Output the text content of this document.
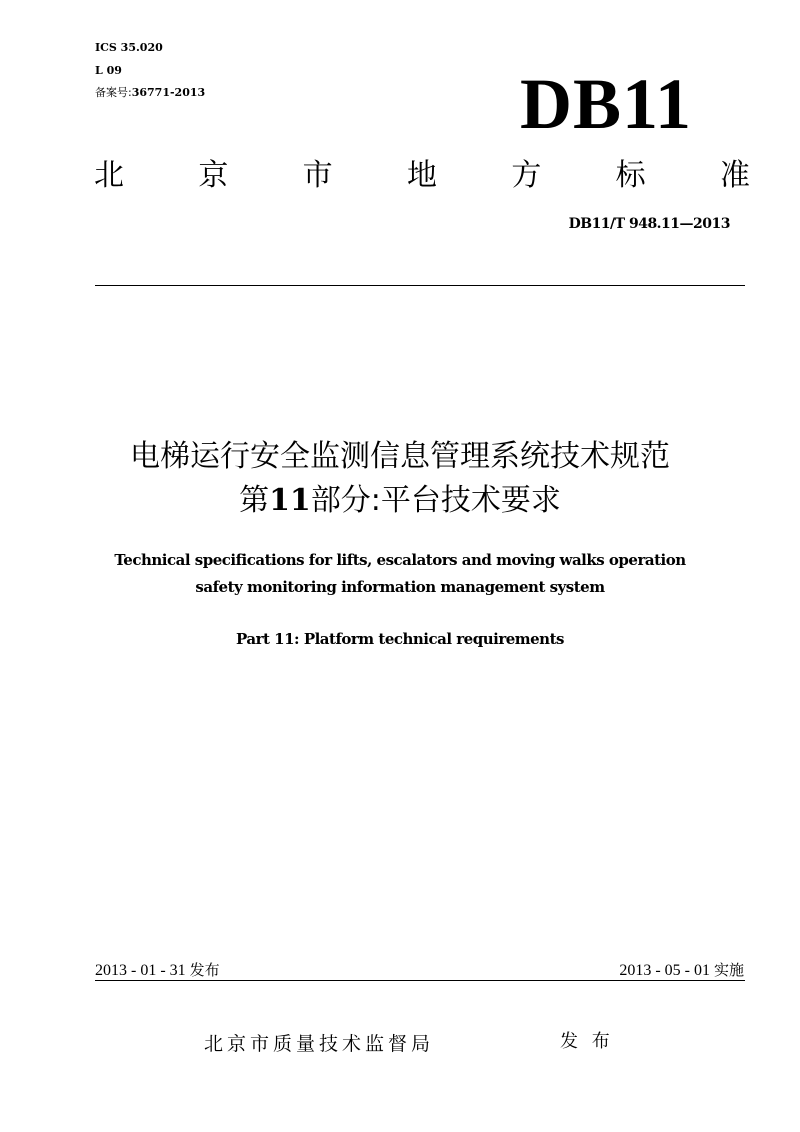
ICS 35.020
L 09
备案号:36771-2013	DB11
北 京 市 地 方 标 准
DB11/T 948.11—2013
电梯运行安全监测信息管理系统技术规范
第11部分:平台技术要求
Technical specifications for lifts, escalators and moving walks operation
safety monitoring information management system
Part 11: Platform technical requirements
2013 - 01 - 31 发布	2013 - 05 - 01 实施
北京市质量技术监督局	发 布
